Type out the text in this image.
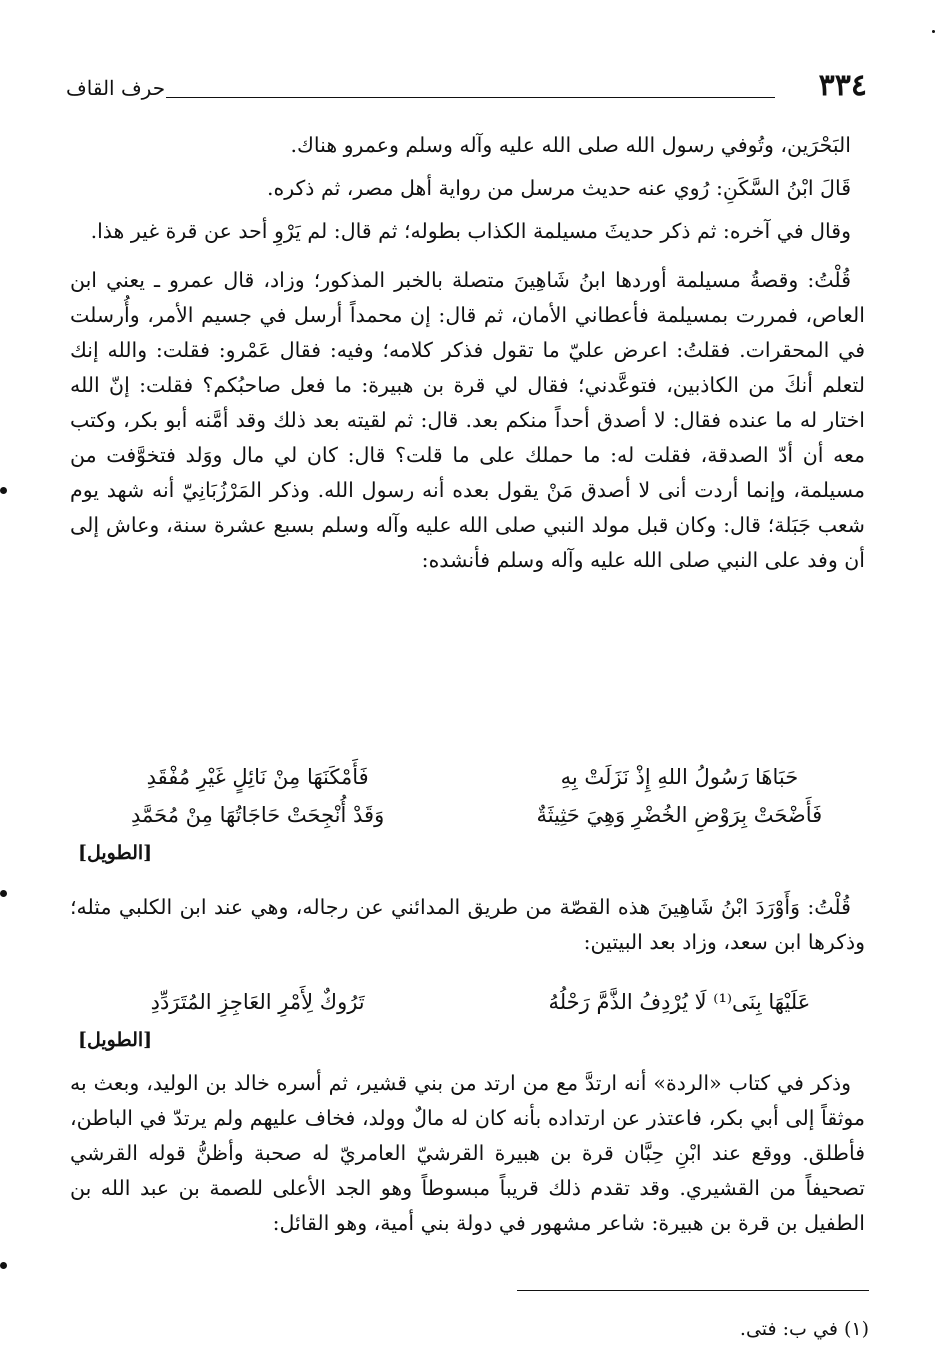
٣٣٤
حرف القاف

البَحْرَين، وتُوفي رسول الله صلى الله عليه وآله وسلم وعمرو هناك.

قَالَ ابْنُ السَّكَنِ: رُوي عنه حديث مرسل من رواية أهل مصر، ثم ذكره.

وقال في آخره: ثم ذكر حديثَ مسيلمة الكذاب بطوله؛ ثم قال: لم يَرْوِ أحد عن قرة غير هذا.

قُلْتُ: وقصةُ مسيلمة أوردها ابنُ شَاهِينَ متصلة بالخبر المذكور؛ وزاد، قال عمرو ـ يعني ابن العاص، فمررت بمسيلمة فأعطاني الأمان، ثم قال: إن محمداً أرسل في جسيم الأمر، وأُرسلت في المحقرات. فقلتُ: اعرض عليّ ما تقول فذكر كلامه؛ وفيه: فقال عَمْرو: فقلت: والله إنك لتعلم أنكَ من الكاذبين، فتوعَّدني؛ فقال لي قرة بن هبيرة: ما فعل صاحبُكم؟ فقلت: إنّ الله اختار له ما عنده فقال: لا أصدق أحداً منكم بعد. قال: ثم لقيته بعد ذلك وقد أمَّنه أبو بكر، وكتب معه أن أدّ الصدقة، فقلت له: ما حملك على ما قلت؟ قال: كان لي مال ووَلد فتخوَّفت من مسيلمة، وإنما أردت أنى لا أصدق مَنْ يقول بعده أنه رسول الله. وذكر المَرْزُبَانِيّ أنه شهد يوم شعب جَبَلة؛ قال: وكان قبل مولد النبي صلى الله عليه وآله وسلم بسبع عشرة سنة، وعاش إلى أن وفد على النبي صلى الله عليه وآله وسلم فأنشده:

حَبَاهَا رَسُولُ اللهِ إِذْ نَزَلَتْ بِهِ
فَأَمْكَنَهَا مِنْ نَائِلٍ غَيْرِ مُفْقَدِ
فَأَضْحَتْ بِرَوْضِ الخُضْرِ وَهِيَ حَثِيثَةٌ
وَقَدْ أُنْجِحَتْ حَاجَاتُهَا مِنْ مُحَمَّدِ
[الطويل]

قُلْتُ: وَأَوْرَدَ ابْنُ شَاهِينَ هذه القصّة من طريق المدائني عن رجاله، وهي عند ابن الكلبي مثله؛ وذكرها ابن سعد، وزاد بعد البيتين:

عَلَيْهَا بِنَى⁽¹⁾ لَا يُرْدِفُ الذَّمَّ رَحْلُهُ
تَرُوكٌ لِأَمْرِ العَاجِزِ المُتَرَدِّدِ
[الطويل]

وذكر في كتاب «الردة» أنه ارتدَّ مع من ارتد من بني قشير، ثم أسره خالد بن الوليد، وبعث به موثقاً إلى أبي بكر، فاعتذر عن ارتداده بأنه كان له مالٌ وولد، فخاف عليهم ولم يرتدّ في الباطن، فأطلق. ووقع عند ابْنِ حِبَّان قرة بن هبيرة القرشيّ العامريّ له صحبة وأظنُّ قوله القرشي تصحيفاً من القشيري. وقد تقدم ذلك قريباً مبسوطاً وهو الجد الأعلى للصمة بن عبد الله بن الطفيل بن قرة بن هبيرة: شاعر مشهور في دولة بني أمية، وهو القائل:

(١) في ب: فتى.
